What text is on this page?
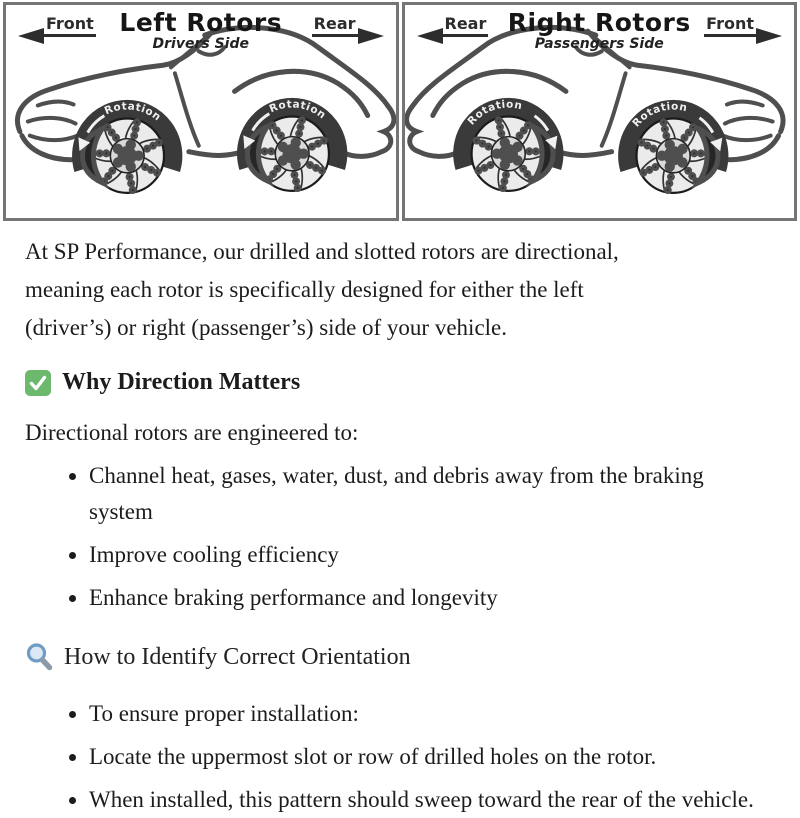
Front	Rear
Left Rotors
Drivers Side
Rotation
Rotation
Rear	Front
Right Rotors
Passengers Side
Rotation
Rotation
At SP Performance, our drilled and slotted rotors are directional,
meaning each rotor is specifically designed for either the left
(driver’s) or right (passenger’s) side of your vehicle.
Why Direction Matters
Directional rotors are engineered to:
• Channel heat, gases, water, dust, and debris away from the braking system
• Improve cooling efficiency
• Enhance braking performance and longevity
How to Identify Correct Orientation
• To ensure proper installation:
• Locate the uppermost slot or row of drilled holes on the rotor.
• When installed, this pattern should sweep toward the rear of the vehicle.
